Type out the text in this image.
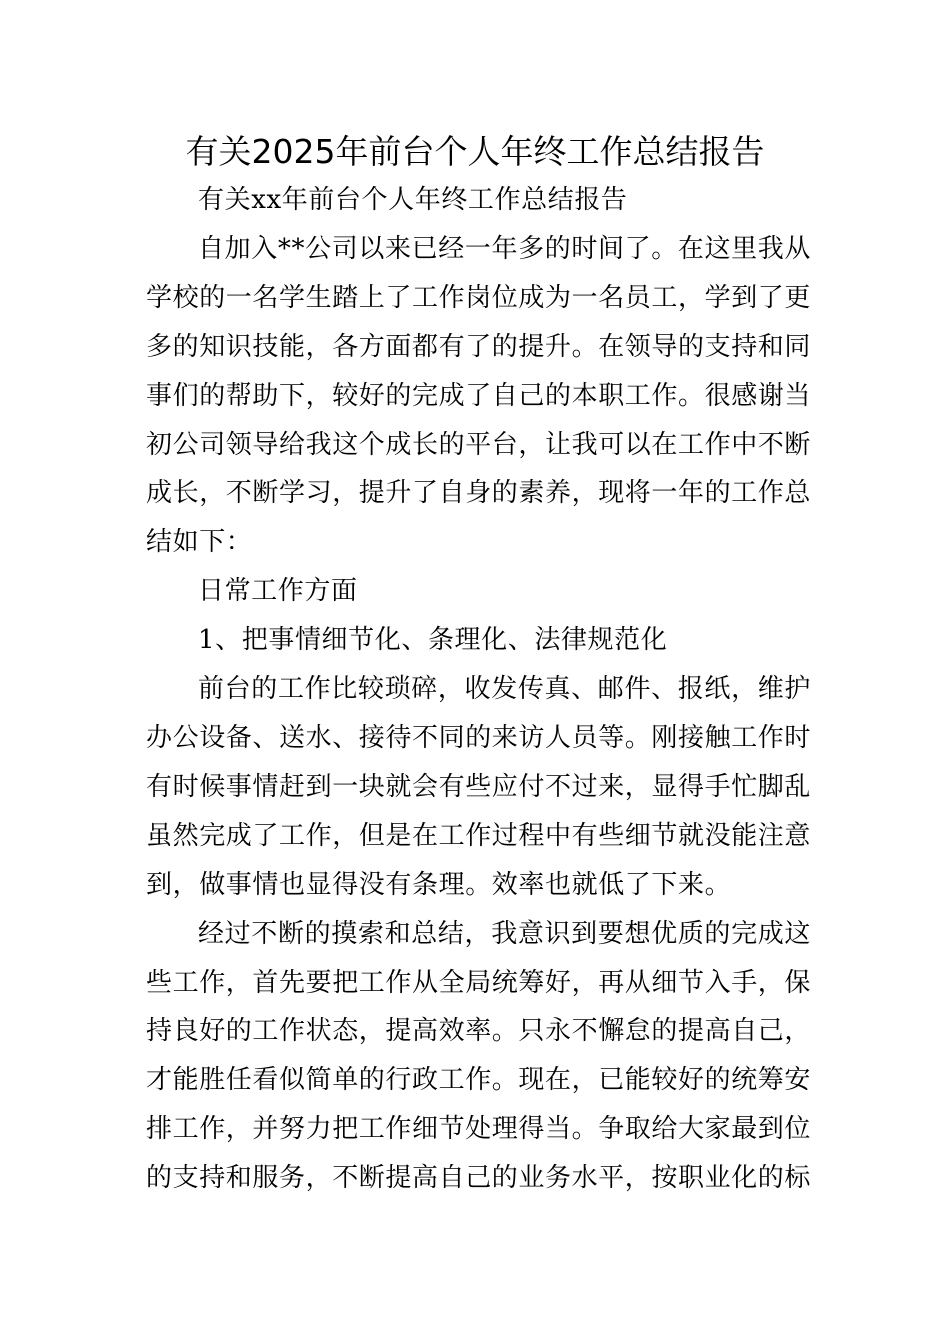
有关2025年前台个人年终工作总结报告

有关xx年前台个人年终工作总结报告

自加入**公司以来已经一年多的时间了。在这里我从学校的一名学生踏上了工作岗位成为一名员工，学到了更多的知识技能，各方面都有了的提升。在领导的支持和同事们的帮助下，较好的完成了自己的本职工作。很感谢当初公司领导给我这个成长的平台，让我可以在工作中不断成长，不断学习，提升了自身的素养，现将一年的工作总结如下：

日常工作方面

1、把事情细节化、条理化、法律规范化

前台的工作比较琐碎，收发传真、邮件、报纸，维护办公设备、送水、接待不同的来访人员等。刚接触工作时有时候事情赶到一块就会有些应付不过来，显得手忙脚乱虽然完成了工作，但是在工作过程中有些细节就没能注意到，做事情也显得没有条理。效率也就低了下来。

经过不断的摸索和总结，我意识到要想优质的完成这些工作，首先要把工作从全局统筹好，再从细节入手，保持良好的工作状态，提高效率。只永不懈怠的提高自己，才能胜任看似简单的行政工作。现在，已能较好的统筹安排工作，并努力把工作细节处理得当。争取给大家最到位的支持和服务，不断提高自己的业务水平，按职业化的标
